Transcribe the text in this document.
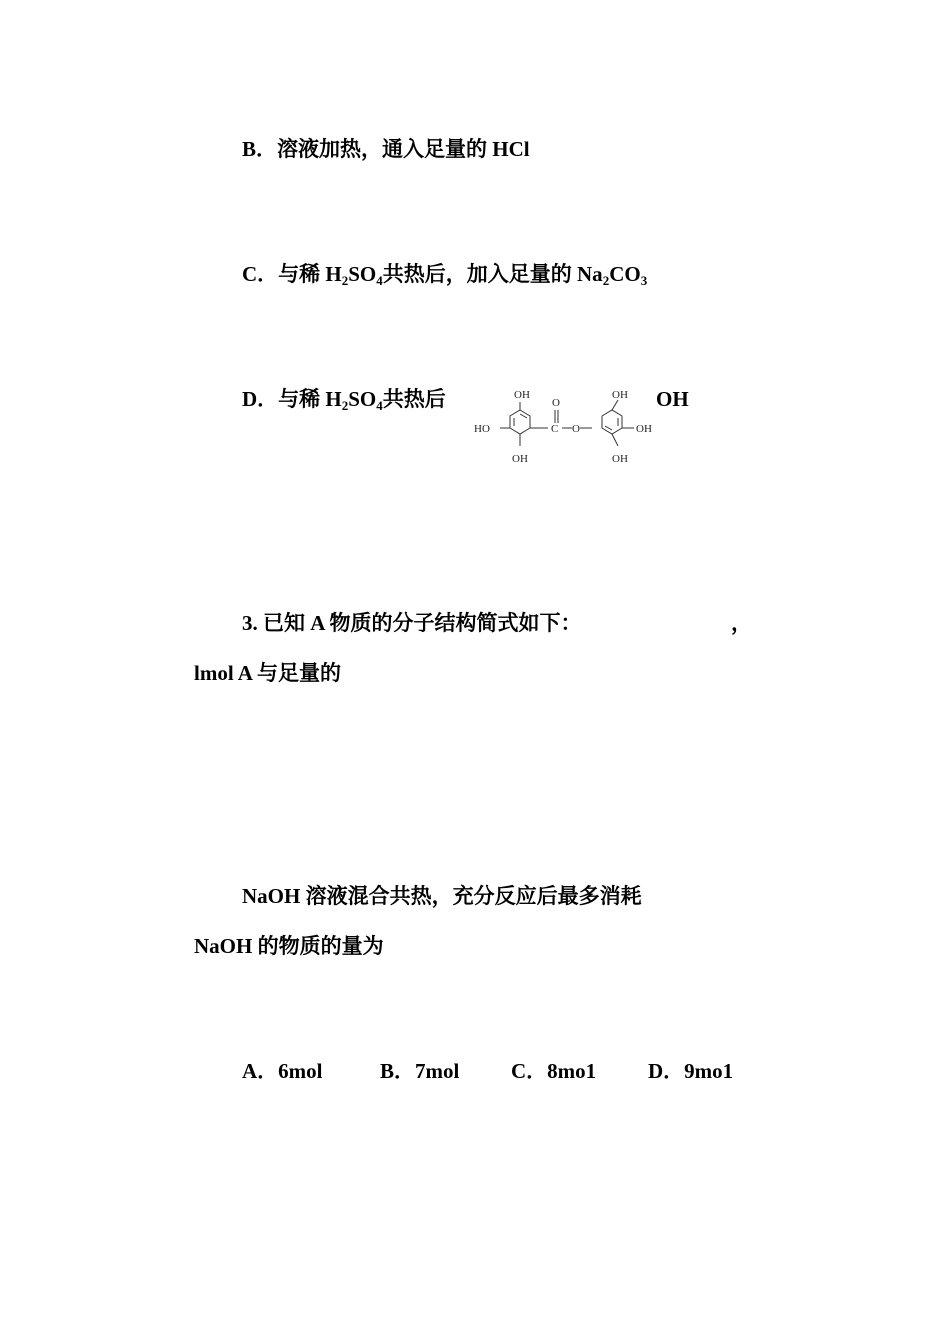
B．溶液加热，通入足量的 HCl
C．与稀 $H_2SO_4$共热后，加入足量的 $Na_2CO_3$
D．与稀 $H_2SO_4$共热后	OH
OH
HO
OH
O
C O
OH
OH
OH
3. 已知 A 物质的分子结构简式如下：	，
lmol A 与足量的
NaOH 溶液混合共热，充分反应后最多消耗
NaOH 的物质的量为
A．6mol	B．7mol C．8mo1 D．9mo1
